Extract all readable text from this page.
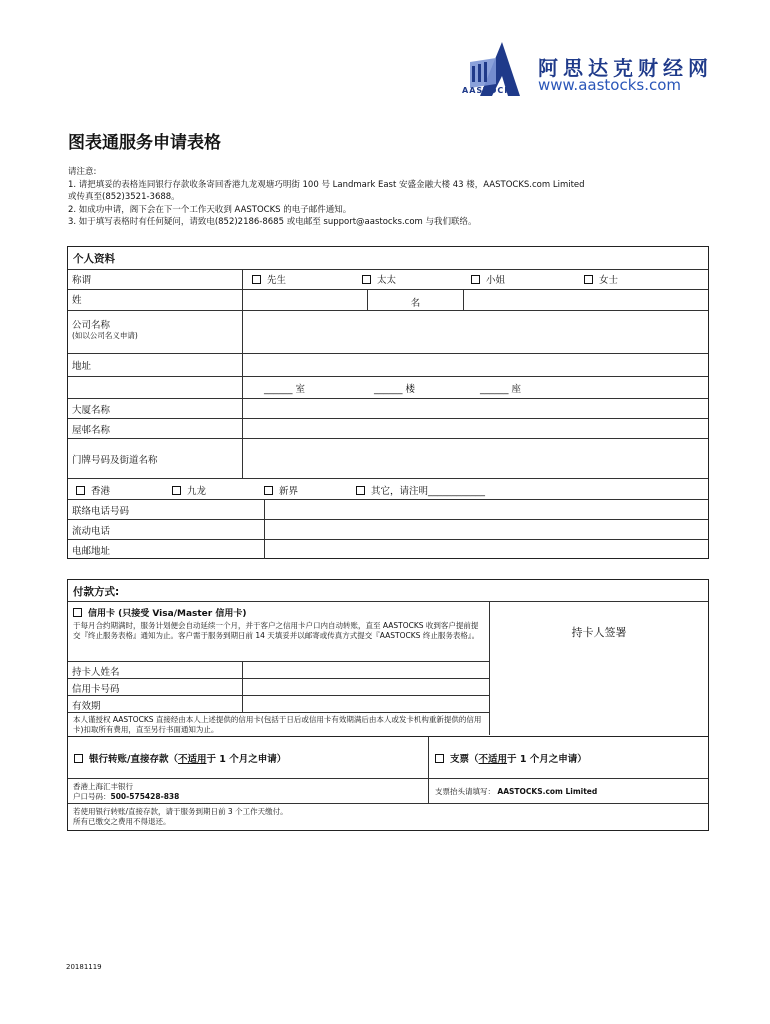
AASTOCKS
阿思达克财经网
www.aastocks.com
图表通服务申请表格
请注意:
1. 请把填妥的表格连同银行存款收条寄回香港九龙观塘巧明街 100 号 Landmark East 安盛金融大楼 43 楼，AASTOCKS.com Limited
或传真至(852)3521-3688。
2. 如成功申请，阁下会在下一个工作天收到 AASTOCKS 的电子邮件通知。
3. 如于填写表格时有任何疑问，请致电(852)2186-8685 或电邮至 support@aastocks.com 与我们联络。
个人资料
称谓	先生	太太	小姐	女士
姓	名
公司名称
(如以公司名义申请)
地址
______ 室	______ 楼	______ 座
大厦名称
屋邨名称
门牌号码及街道名称
香港	九龙	新界	其它，请注明____________
联络电话号码
流动电话
电邮地址
付款方式:
信用卡 (只接受 Visa/Master 信用卡)
于每月合约期满时，服务计划便会自动延续一个月，并于客户之信用卡户口内自动转账，直至 AASTOCKS 收到客户提前提交『终止服务表格』通知为止。客户需于服务到期日前 14 天填妥并以邮寄或传真方式提交『AASTOCKS 终止服务表格』。	持卡人签署
持卡人姓名
信用卡号码
有效期
本人谨授权 AASTOCKS 直接经由本人上述提供的信用卡(包括于日后或信用卡有效期满后由本人或发卡机构重新提供的信用卡)扣取所有费用，直至另行书面通知为止。
银行转账/直接存款（不适用于 1 个月之申请）	支票（不适用于 1 个月之申请）
香港上海汇丰银行
户口号码：500-575428-838
支票抬头请填写： AASTOCKS.com Limited
若使用银行转账/直接存款，请于服务到期日前 3 个工作天缴付。
所有已缴交之费用不得退还。
20181119
